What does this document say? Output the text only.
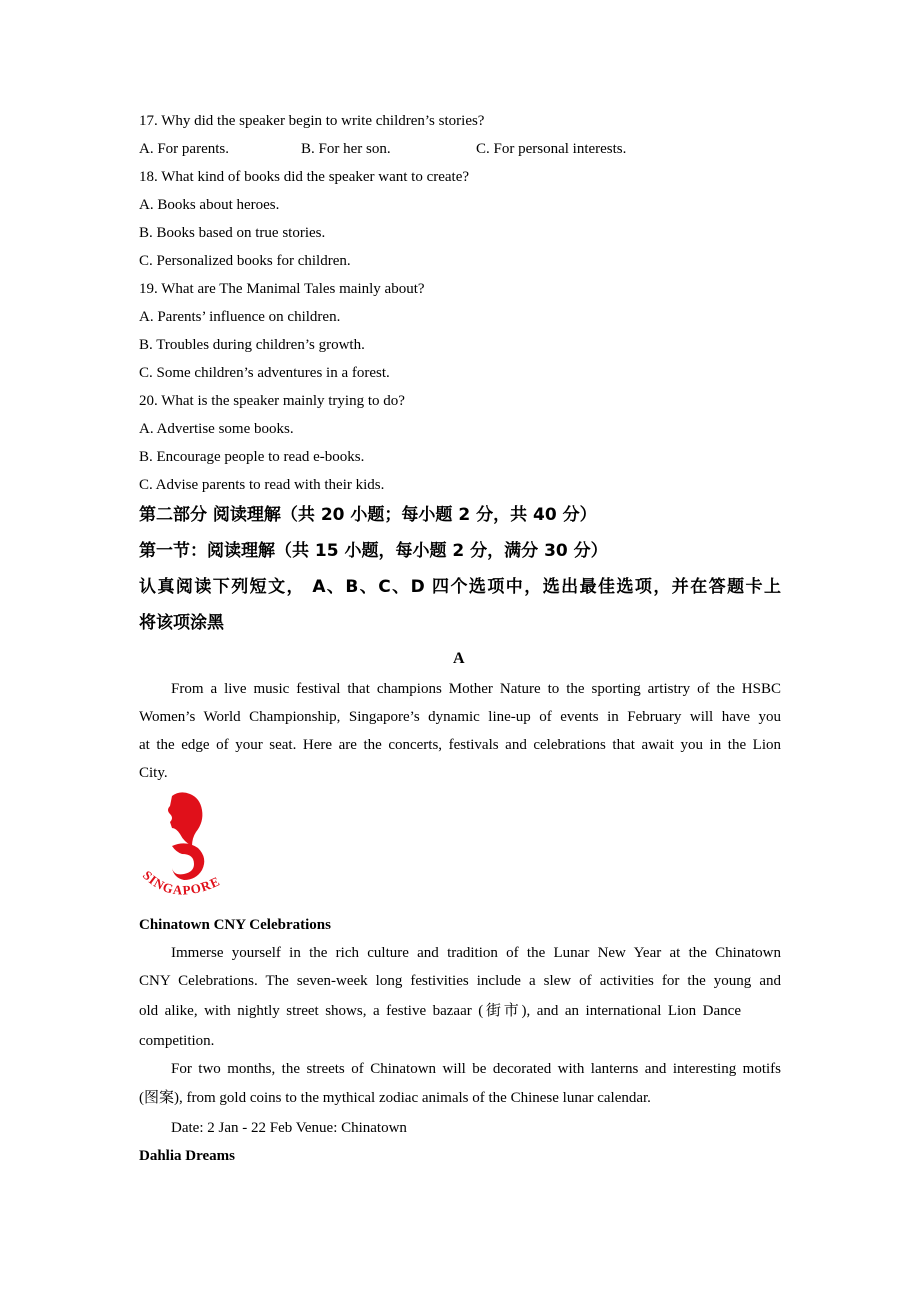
17. Why did the speaker begin to write children’s stories?
A. For parents.	B. For her son.	C. For personal interests.
18. What kind of books did the speaker want to create?
A. Books about heroes.
B. Books based on true stories.
C. Personalized books for children.
19. What are The Manimal Tales mainly about?
A. Parents’ influence on children.
B. Troubles during children’s growth.
C. Some children’s adventures in a forest.
20. What is the speaker mainly trying to do?
A. Advertise some books.
B. Encourage people to read e-books.
C. Advise parents to read with their kids.
第二部分 阅读理解（共 20 小题；每小题 2 分，共 40 分）
第一节：阅读理解（共 15 小题，每小题 2 分，满分 30 分）
认真阅读下列短文， A、B、C、D 四个选项中，选出最佳选项，并在答题卡上
将该项涂黑
A
From a live music festival that champions Mother Nature to the sporting artistry of the HSBC
Women’s World Championship, Singapore’s dynamic line-up of events in February will have you
at the edge of your seat. Here are the concerts, festivals and celebrations that await you in the Lion
City.
SINGAPORE
Chinatown CNY Celebrations
Immerse yourself in the rich culture and tradition of the Lunar New Year at the Chinatown
CNY Celebrations. The seven-week long festivities include a slew of activities for the young and
old alike, with nightly street shows, a festive bazaar (街市), and an international Lion Dance
competition.
For two months, the streets of Chinatown will be decorated with lanterns and interesting motifs
(图案), from gold coins to the mythical zodiac animals of the Chinese lunar calendar.
Date: 2 Jan - 22 Feb Venue: Chinatown
Dahlia Dreams
